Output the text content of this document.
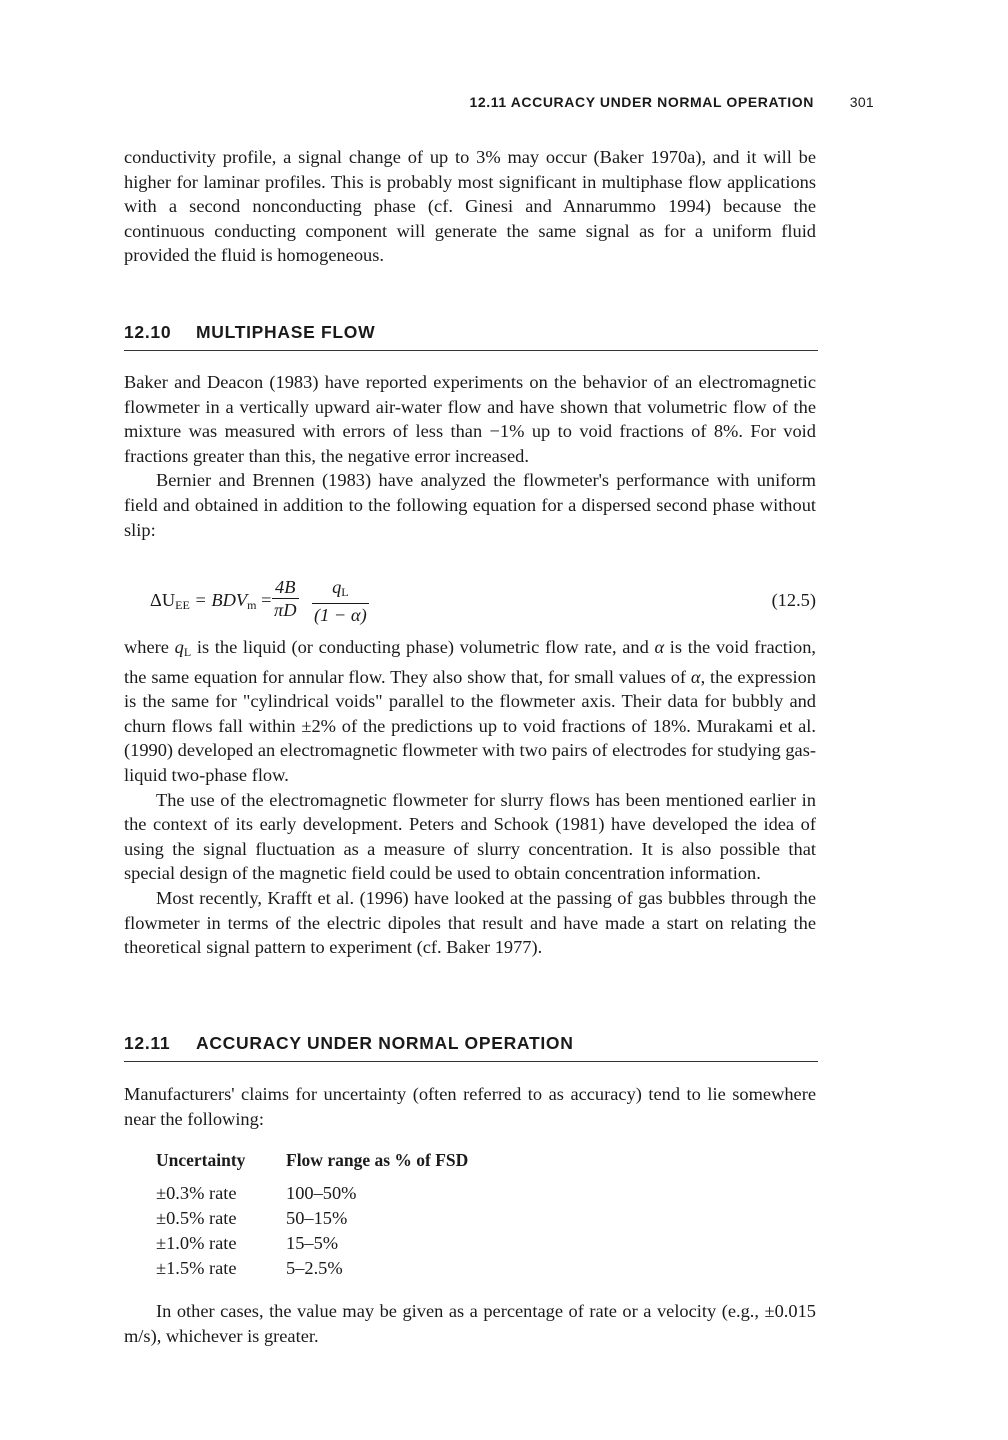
12.11 ACCURACY UNDER NORMAL OPERATION	301

conductivity profile, a signal change of up to 3% may occur (Baker 1970a), and it will be higher for laminar profiles. This is probably most significant in multiphase flow applications with a second nonconducting phase (cf. Ginesi and Annarummo 1994) because the continuous conducting component will generate the same signal as for a uniform fluid provided the fluid is homogeneous.

12.10 MULTIPHASE FLOW

Baker and Deacon (1983) have reported experiments on the behavior of an electromagnetic flowmeter in a vertically upward air-water flow and have shown that volumetric flow of the mixture was measured with errors of less than −1% up to void fractions of 8%. For void fractions greater than this, the negative error increased.

Bernier and Brennen (1983) have analyzed the flowmeter's performance with uniform field and obtained in addition to the following equation for a dispersed second phase without slip:

$\Delta U_{EE} = BDV_m = \frac{4B}{\pi D} \frac{q_L}{(1 - \alpha)}$	(12.5)

where $q_L$ is the liquid (or conducting phase) volumetric flow rate, and α is the void fraction, the same equation for annular flow. They also show that, for small values of α, the expression is the same for "cylindrical voids" parallel to the flowmeter axis. Their data for bubbly and churn flows fall within ±2% of the predictions up to void fractions of 18%. Murakami et al. (1990) developed an electromagnetic flowmeter with two pairs of electrodes for studying gas-liquid two-phase flow.

The use of the electromagnetic flowmeter for slurry flows has been mentioned earlier in the context of its early development. Peters and Schook (1981) have developed the idea of using the signal fluctuation as a measure of slurry concentration. It is also possible that special design of the magnetic field could be used to obtain concentration information.

Most recently, Krafft et al. (1996) have looked at the passing of gas bubbles through the flowmeter in terms of the electric dipoles that result and have made a start on relating the theoretical signal pattern to experiment (cf. Baker 1977).

12.11 ACCURACY UNDER NORMAL OPERATION

Manufacturers' claims for uncertainty (often referred to as accuracy) tend to lie somewhere near the following:

Uncertainty	Flow range as % of FSD
±0.3% rate	100–50%
±0.5% rate	50–15%
±1.0% rate	15–5%
±1.5% rate	5–2.5%

In other cases, the value may be given as a percentage of rate or a velocity (e.g., ±0.015 m/s), whichever is greater.
